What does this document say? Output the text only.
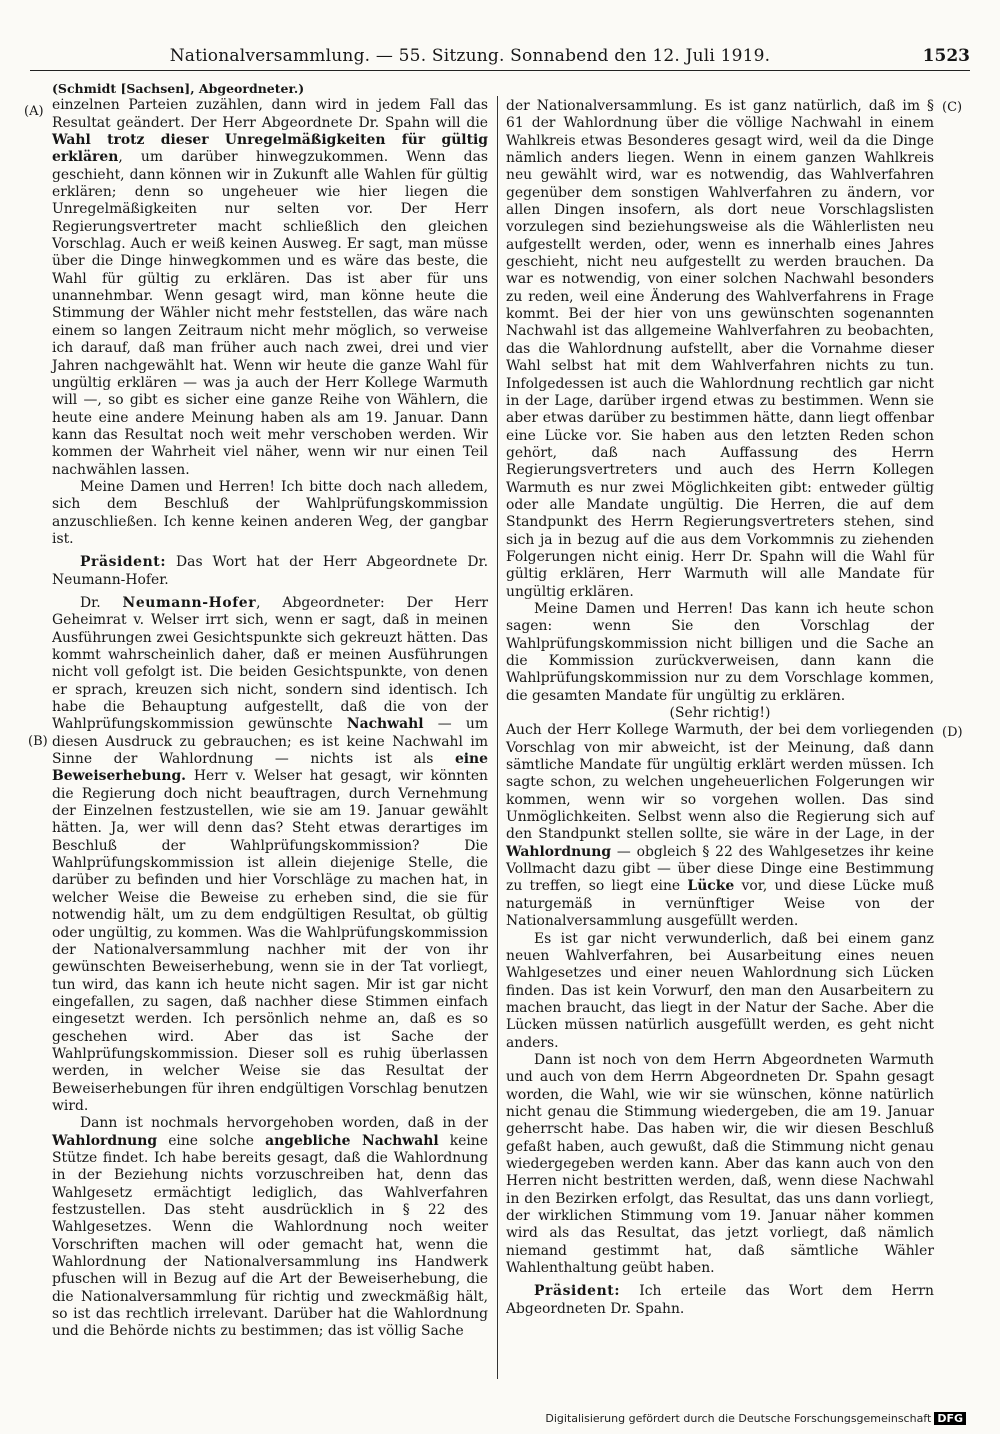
Nationalversammlung. — 55. Sitzung. Sonnabend den 12. Juli 1919.	1523
(A)
(B)
(C)
(D)

(Schmidt [Sachsen], Abgeordneter.)

einzelnen Parteien zuzählen, dann wird in jedem Fall das Resultat geändert. Der Herr Abgeordnete Dr. Spahn will die Wahl trotz dieser Unregelmäßigkeiten für gültig erklären, um darüber hinwegzukommen. Wenn das geschieht, dann können wir in Zukunft alle Wahlen für gültig erklären; denn so ungeheuer wie hier liegen die Unregelmäßigkeiten nur selten vor. Der Herr Regierungsvertreter macht schließlich den gleichen Vorschlag. Auch er weiß keinen Ausweg. Er sagt, man müsse über die Dinge hinwegkommen und es wäre das beste, die Wahl für gültig zu erklären. Das ist aber für uns unannehmbar. Wenn gesagt wird, man könne heute die Stimmung der Wähler nicht mehr feststellen, das wäre nach einem so langen Zeitraum nicht mehr möglich, so verweise ich darauf, daß man früher auch nach zwei, drei und vier Jahren nachgewählt hat. Wenn wir heute die ganze Wahl für ungültig erklären — was ja auch der Herr Kollege Warmuth will —, so gibt es sicher eine ganze Reihe von Wählern, die heute eine andere Meinung haben als am 19. Januar. Dann kann das Resultat noch weit mehr verschoben werden. Wir kommen der Wahrheit viel näher, wenn wir nur einen Teil nachwählen lassen.

Meine Damen und Herren! Ich bitte doch nach alledem, sich dem Beschluß der Wahlprüfungskommission anzuschließen. Ich kenne keinen anderen Weg, der gangbar ist.

Präsident: Das Wort hat der Herr Abgeordnete Dr. Neumann-Hofer.

Dr. Neumann-Hofer, Abgeordneter: Der Herr Geheimrat v. Welser irrt sich, wenn er sagt, daß in meinen Ausführungen zwei Gesichtspunkte sich gekreuzt hätten. Das kommt wahrscheinlich daher, daß er meinen Ausführungen nicht voll gefolgt ist. Die beiden Gesichtspunkte, von denen er sprach, kreuzen sich nicht, sondern sind identisch. Ich habe die Behauptung aufgestellt, daß die von der Wahlprüfungskommission gewünschte Nachwahl — um diesen Ausdruck zu gebrauchen; es ist keine Nachwahl im Sinne der Wahlordnung — nichts ist als eine Beweiserhebung. Herr v. Welser hat gesagt, wir könnten die Regierung doch nicht beauftragen, durch Vernehmung der Einzelnen festzustellen, wie sie am 19. Januar gewählt hätten. Ja, wer will denn das? Steht etwas derartiges im Beschluß der Wahlprüfungskommission? Die Wahlprüfungskommission ist allein diejenige Stelle, die darüber zu befinden und hier Vorschläge zu machen hat, in welcher Weise die Beweise zu erheben sind, die sie für notwendig hält, um zu dem endgültigen Resultat, ob gültig oder ungültig, zu kommen. Was die Wahlprüfungskommission der Nationalversammlung nachher mit der von ihr gewünschten Beweiserhebung, wenn sie in der Tat vorliegt, tun wird, das kann ich heute nicht sagen. Mir ist gar nicht eingefallen, zu sagen, daß nachher diese Stimmen einfach eingesetzt werden. Ich persönlich nehme an, daß es so geschehen wird. Aber das ist Sache der Wahlprüfungskommission. Dieser soll es ruhig überlassen werden, in welcher Weise sie das Resultat der Beweiserhebungen für ihren endgültigen Vorschlag benutzen wird.

Dann ist nochmals hervorgehoben worden, daß in der Wahlordnung eine solche angebliche Nachwahl keine Stütze findet. Ich habe bereits gesagt, daß die Wahlordnung in der Beziehung nichts vorzuschreiben hat, denn das Wahlgesetz ermächtigt lediglich, das Wahlverfahren festzustellen. Das steht ausdrücklich in § 22 des Wahlgesetzes. Wenn die Wahlordnung noch weiter Vorschriften machen will oder gemacht hat, wenn die Wahlordnung der Nationalversammlung ins Handwerk pfuschen will in Bezug auf die Art der Beweiserhebung, die die Nationalversammlung für richtig und zweckmäßig hält, so ist das rechtlich irrelevant. Darüber hat die Wahlordnung und die Behörde nichts zu bestimmen; das ist völlig Sache

der Nationalversammlung. Es ist ganz natürlich, daß im § 61 der Wahlordnung über die völlige Nachwahl in einem Wahlkreis etwas Besonderes gesagt wird, weil da die Dinge nämlich anders liegen. Wenn in einem ganzen Wahlkreis neu gewählt wird, war es notwendig, das Wahlverfahren gegenüber dem sonstigen Wahlverfahren zu ändern, vor allen Dingen insofern, als dort neue Vorschlagslisten vorzulegen sind beziehungsweise als die Wählerlisten neu aufgestellt werden, oder, wenn es innerhalb eines Jahres geschieht, nicht neu aufgestellt zu werden brauchen. Da war es notwendig, von einer solchen Nachwahl besonders zu reden, weil eine Änderung des Wahlverfahrens in Frage kommt. Bei der hier von uns gewünschten sogenannten Nachwahl ist das allgemeine Wahlverfahren zu beobachten, das die Wahlordnung aufstellt, aber die Vornahme dieser Wahl selbst hat mit dem Wahlverfahren nichts zu tun. Infolgedessen ist auch die Wahlordnung rechtlich gar nicht in der Lage, darüber irgend etwas zu bestimmen. Wenn sie aber etwas darüber zu bestimmen hätte, dann liegt offenbar eine Lücke vor. Sie haben aus den letzten Reden schon gehört, daß nach Auffassung des Herrn Regierungsvertreters und auch des Herrn Kollegen Warmuth es nur zwei Möglichkeiten gibt: entweder gültig oder alle Mandate ungültig. Die Herren, die auf dem Standpunkt des Herrn Regierungsvertreters stehen, sind sich ja in bezug auf die aus dem Vorkommnis zu ziehenden Folgerungen nicht einig. Herr Dr. Spahn will die Wahl für gültig erklären, Herr Warmuth will alle Mandate für ungültig erklären.

Meine Damen und Herren! Das kann ich heute schon sagen: wenn Sie den Vorschlag der Wahlprüfungskommission nicht billigen und die Sache an die Kommission zurückverweisen, dann kann die Wahlprüfungskommission nur zu dem Vorschlage kommen, die gesamten Mandate für ungültig zu erklären.

(Sehr richtig!)

Auch der Herr Kollege Warmuth, der bei dem vorliegenden Vorschlag von mir abweicht, ist der Meinung, daß dann sämtliche Mandate für ungültig erklärt werden müssen. Ich sagte schon, zu welchen ungeheuerlichen Folgerungen wir kommen, wenn wir so vorgehen wollen. Das sind Unmöglichkeiten. Selbst wenn also die Regierung sich auf den Standpunkt stellen sollte, sie wäre in der Lage, in der Wahlordnung — obgleich § 22 des Wahlgesetzes ihr keine Vollmacht dazu gibt — über diese Dinge eine Bestimmung zu treffen, so liegt eine Lücke vor, und diese Lücke muß naturgemäß in vernünftiger Weise von der Nationalversammlung ausgefüllt werden.

Es ist gar nicht verwunderlich, daß bei einem ganz neuen Wahlverfahren, bei Ausarbeitung eines neuen Wahlgesetzes und einer neuen Wahlordnung sich Lücken finden. Das ist kein Vorwurf, den man den Ausarbeitern zu machen braucht, das liegt in der Natur der Sache. Aber die Lücken müssen natürlich ausgefüllt werden, es geht nicht anders.

Dann ist noch von dem Herrn Abgeordneten Warmuth und auch von dem Herrn Abgeordneten Dr. Spahn gesagt worden, die Wahl, wie wir sie wünschen, könne natürlich nicht genau die Stimmung wiedergeben, die am 19. Januar geherrscht habe. Das haben wir, die wir diesen Beschluß gefaßt haben, auch gewußt, daß die Stimmung nicht genau wiedergegeben werden kann. Aber das kann auch von den Herren nicht bestritten werden, daß, wenn diese Nachwahl in den Bezirken erfolgt, das Resultat, das uns dann vorliegt, der wirklichen Stimmung vom 19. Januar näher kommen wird als das Resultat, das jetzt vorliegt, daß nämlich niemand gestimmt hat, daß sämtliche Wähler Wahlenthaltung geübt haben.

Präsident: Ich erteile das Wort dem Herrn Abgeordneten Dr. Spahn.

Digitalisierung gefördert durch die Deutsche Forschungsgemeinschaft DFG
